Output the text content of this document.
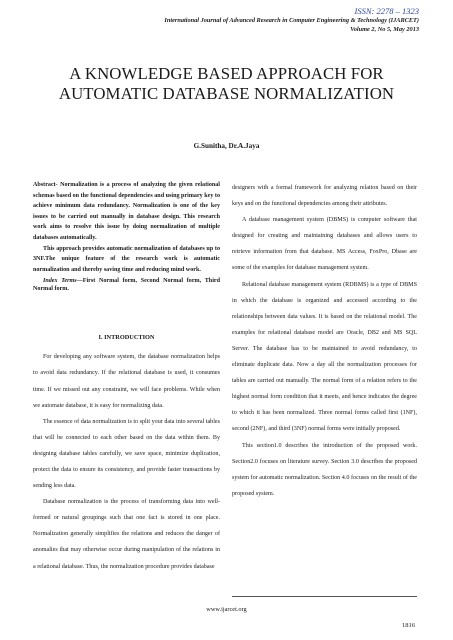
ISSN: 2278 – 1323
International Journal of Advanced Research in Computer Engineering & Technology (IJARCET)
Volume 2, No 5, May 2013
A KNOWLEDGE BASED APPROACH FOR AUTOMATIC DATABASE NORMALIZATION
G.Sunitha, Dr.A.Jaya

Abstract- Normalization is a process of analyzing the given relational schemas based on the functional dependencies and using primary key to achieve minimum data redundancy. Normalization is one of the key issues to be carried out manually in database design. This research work aims to resolve this issue by doing normalization of multiple databases automatically.

This approach provides automatic normalization of databases up to 3NF.The unique feature of the research work is automatic normalization and thereby saving time and reducing mind work.

Index Terms—First Normal form, Second Normal form, Third Normal form.

I. INTRODUCTION

For developing any software system, the database normalization helps to avoid data redundancy. If the relational database is used, it consumes time. If we missed out any constraint, we will face problems. While when we automate database, it is easy for normalizing data.

The essence of data normalization is to split your data into several tables that will be connected to each other based on the data within them. By designing database tables carefully, we save space, minimize duplication, protect the data to ensure its consistency, and provide faster transactions by sending less data.

Database normalization is the process of transforming data into well- formed or natural groupings such that one fact is stored in one place. Normalization generally simplifies the relations and reduces the danger of anomalies that may otherwise occur during manipulation of the relations in a relational database. Thus, the normalization procedure provides database

designers with a formal framework for analyzing relation based on their keys and on the functional dependencies among their attributes.

A database management system (DBMS) is computer software that designed for creating and maintaining databases and allows users to retrieve information from that database. MS Access, FoxPro, Dbase are some of the examples for database management system.

Relational database management system (RDBMS) is a type of DBMS in which the database is organized and accessed according to the relationships between data values. It is based on the relational model. The examples for relational database model are Oracle, DB2 and MS SQL Server. The database has to be maintained to avoid redundancy, to eliminate duplicate data. Now a day all the normalization processes for tables are carried out manually. The normal form of a relation refers to the highest normal form condition that it meets, and hence indicates the degree to which it has been normalized. Three normal forms called first (1NF), second (2NF), and third (3NF) normal forms were initially proposed.

This section1.0 describes the introduction of the proposed work. Section2.0 focuses on literature survey. Section 3.0 describes the proposed system for automatic normalization. Section 4.0 focuses on the result of the proposed system.

www.ijarcet.org
1816
